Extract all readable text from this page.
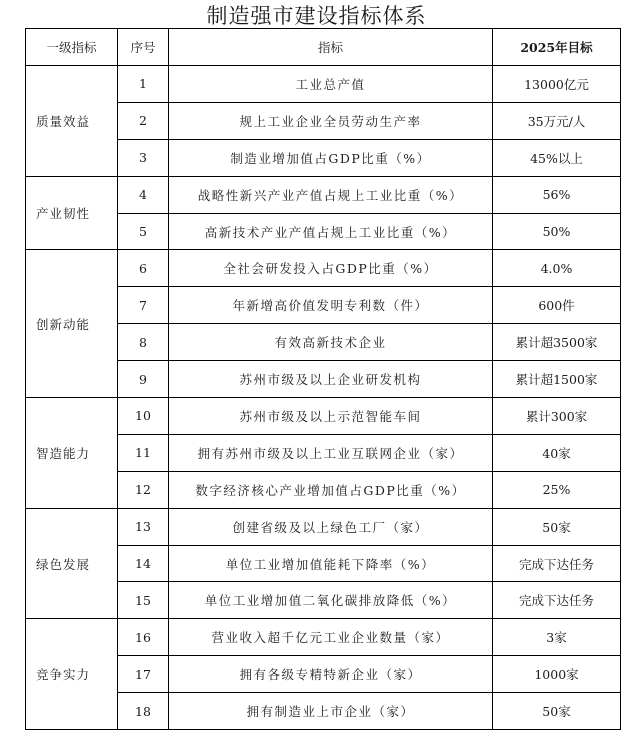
制造强市建设指标体系
一级指标	序号	指标	2025年目标
质量效益	1	工业总产值	13000亿元
	2	规上工业企业全员劳动生产率	35万元/人
	3	制造业增加值占GDP比重（%）	45%以上
产业韧性	4	战略性新兴产业产值占规上工业比重（%）	56%
	5	高新技术产业产值占规上工业比重（%）	50%
创新动能	6	全社会研发投入占GDP比重（%）	4.0%
	7	年新增高价值发明专利数（件）	600件
	8	有效高新技术企业	累计超3500家
	9	苏州市级及以上企业研发机构	累计超1500家
智造能力	10	苏州市级及以上示范智能车间	累计300家
	11	拥有苏州市级及以上工业互联网企业（家）	40家
	12	数字经济核心产业增加值占GDP比重（%）	25%
绿色发展	13	创建省级及以上绿色工厂（家）	50家
	14	单位工业增加值能耗下降率（%）	完成下达任务
	15	单位工业增加值二氧化碳排放降低（%）	完成下达任务
竞争实力	16	营业收入超千亿元工业企业数量（家）	3家
	17	拥有各级专精特新企业（家）	1000家
	18	拥有制造业上市企业（家）	50家
